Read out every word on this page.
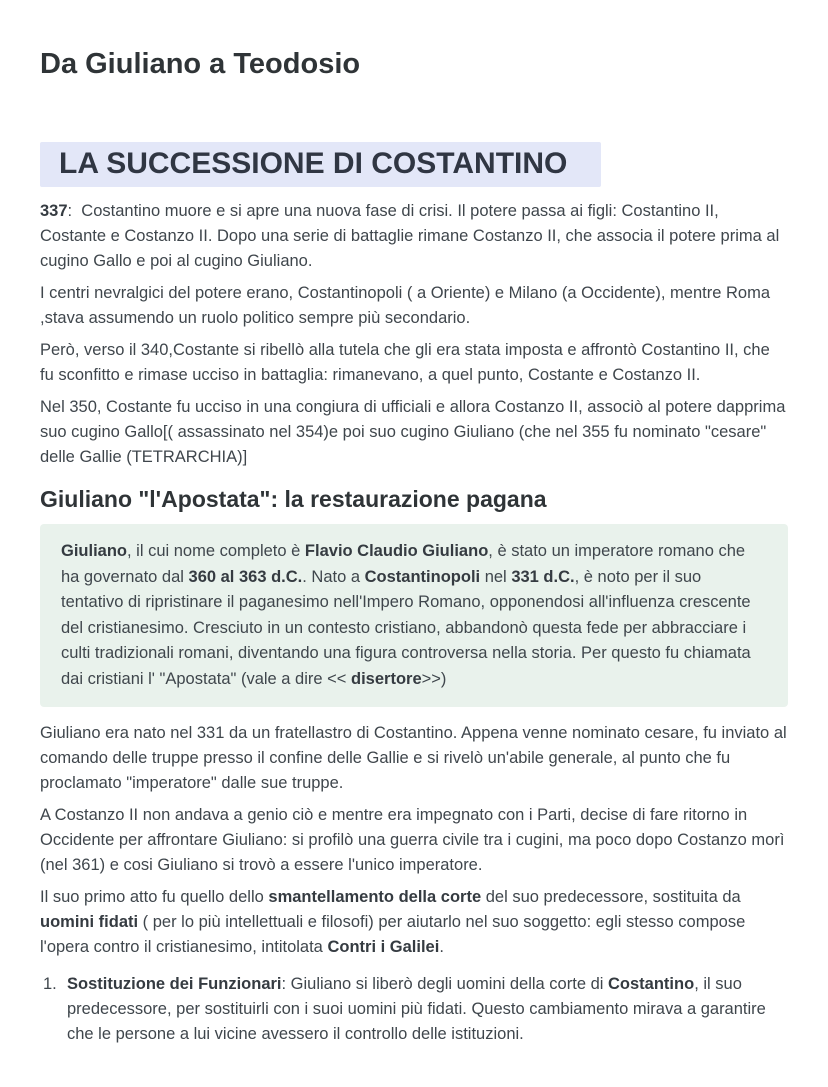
Da Giuliano a Teodosio
LA SUCCESSIONE DI COSTANTINO

337:  Costantino muore e si apre una nuova fase di crisi. Il potere passa ai figli: Costantino II, Costante e Costanzo II. Dopo una serie di battaglie rimane Costanzo II, che associa il potere prima al cugino Gallo e poi al cugino Giuliano.

I centri nevralgici del potere erano, Costantinopoli ( a Oriente) e Milano (a Occidente), mentre Roma ,stava assumendo un ruolo politico sempre più secondario.

Però, verso il 340,Costante si ribellò alla tutela che gli era stata imposta e affrontò Costantino II, che fu sconfitto e rimase ucciso in battaglia: rimanevano, a quel punto, Costante e Costanzo II.

Nel 350, Costante fu ucciso in una congiura di ufficiali e allora Costanzo II, associò al potere dapprima suo cugino Gallo[( assassinato nel 354)e poi suo cugino Giuliano (che nel 355 fu nominato "cesare" delle Gallie (TETRARCHIA)]

Giuliano "l'Apostata": la restaurazione pagana

Giuliano, il cui nome completo è Flavio Claudio Giuliano, è stato un imperatore romano che ha governato dal 360 al 363 d.C.. Nato a Costantinopoli nel 331 d.C., è noto per il suo tentativo di ripristinare il paganesimo nell'Impero Romano, opponendosi all'influenza crescente del cristianesimo. Cresciuto in un contesto cristiano, abbandonò questa fede per abbracciare i culti tradizionali romani, diventando una figura controversa nella storia. Per questo fu chiamata dai cristiani l' "Apostata" (vale a dire << disertore>>)

Giuliano era nato nel 331 da un fratellastro di Costantino. Appena venne nominato cesare, fu inviato al comando delle truppe presso il confine delle Gallie e si rivelò un'abile generale, al punto che fu proclamato "imperatore" dalle sue truppe.

A Costanzo II non andava a genio ciò e mentre era impegnato con i Parti, decise di fare ritorno in Occidente per affrontare Giuliano: si profilò una guerra civile tra i cugini, ma poco dopo Costanzo morì (nel 361) e cosi Giuliano si trovò a essere l'unico imperatore.

Il suo primo atto fu quello dello smantellamento della corte del suo predecessore, sostituita da uomini fidati ( per lo più intellettuali e filosofi) per aiutarlo nel suo soggetto: egli stesso compose l'opera contro il cristianesimo, intitolata Contri i Galilei.

1. Sostituzione dei Funzionari: Giuliano si liberò degli uomini della corte di Costantino, il suo predecessore, per sostituirli con i suoi uomini più fidati. Questo cambiamento mirava a garantire che le persone a lui vicine avessero il controllo delle istituzioni.
